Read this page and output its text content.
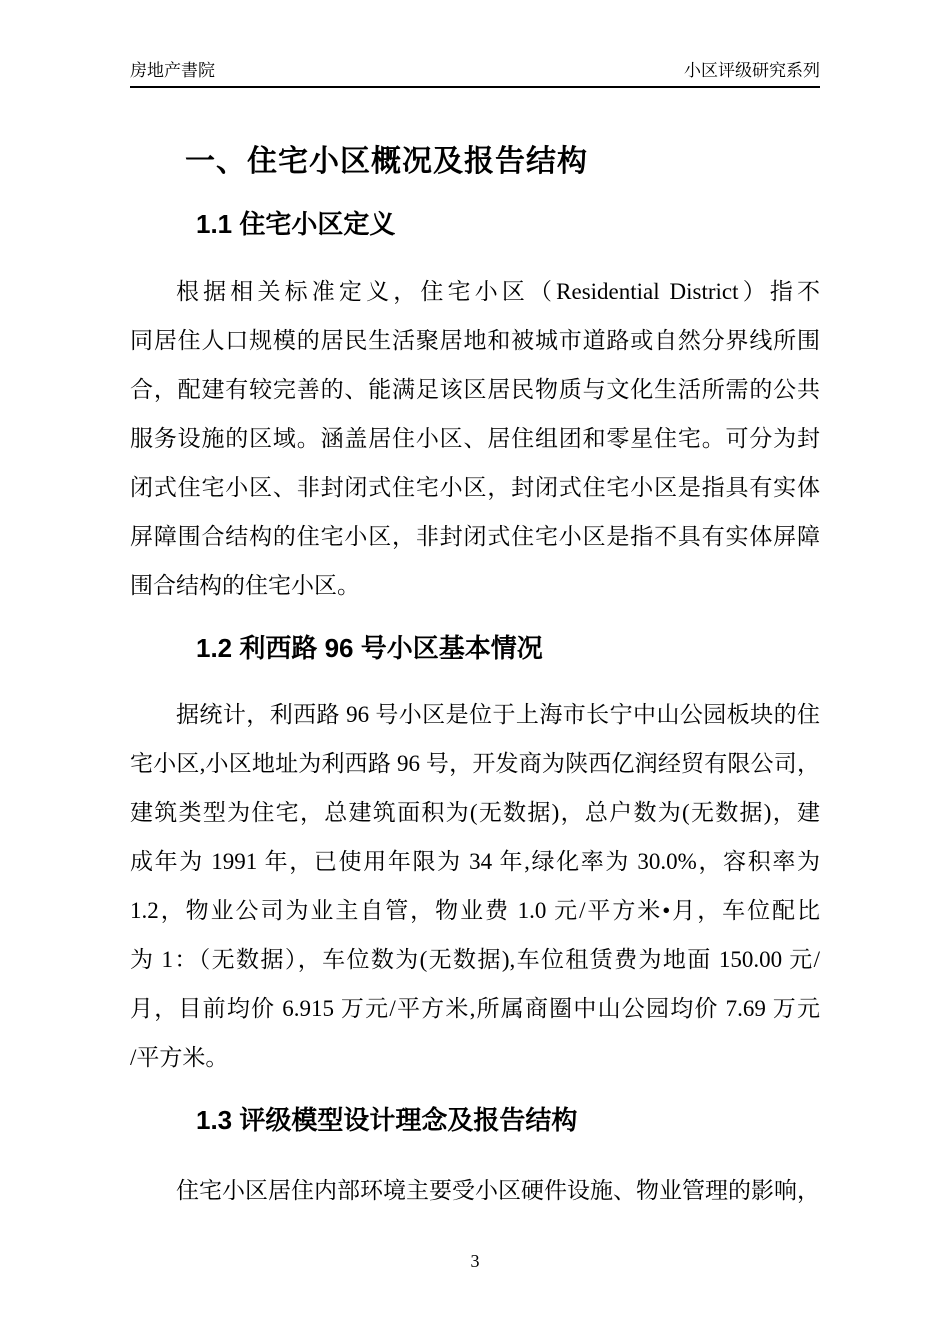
房地产書院	小区评级研究系列
一、住宅小区概况及报告结构
1.1 住宅小区定义
根据相关标准定义，住宅小区（Residential District）指不
同居住人口规模的居民生活聚居地和被城市道路或自然分界线所围
合，配建有较完善的、能满足该区居民物质与文化生活所需的公共
服务设施的区域。涵盖居住小区、居住组团和零星住宅。可分为封
闭式住宅小区、非封闭式住宅小区，封闭式住宅小区是指具有实体
屏障围合结构的住宅小区，非封闭式住宅小区是指不具有实体屏障
围合结构的住宅小区。
1.2 利西路 96 号小区基本情况
据统计，利西路 96 号小区是位于上海市长宁中山公园板块的住
宅小区,小区地址为利西路 96 号，开发商为陕西亿润经贸有限公司，
建筑类型为住宅，总建筑面积为(无数据)，总户数为(无数据)，建
成年为 1991 年，已使用年限为 34 年,绿化率为 30.0%，容积率为
1.2，物业公司为业主自管，物业费 1.0 元/平方米•月，车位配比
为 1：（无数据），车位数为(无数据),车位租赁费为地面 150.00 元/
月，目前均价 6.915 万元/平方米,所属商圈中山公园均价 7.69 万元
/平方米。
1.3 评级模型设计理念及报告结构
住宅小区居住内部环境主要受小区硬件设施、物业管理的影响，
3
